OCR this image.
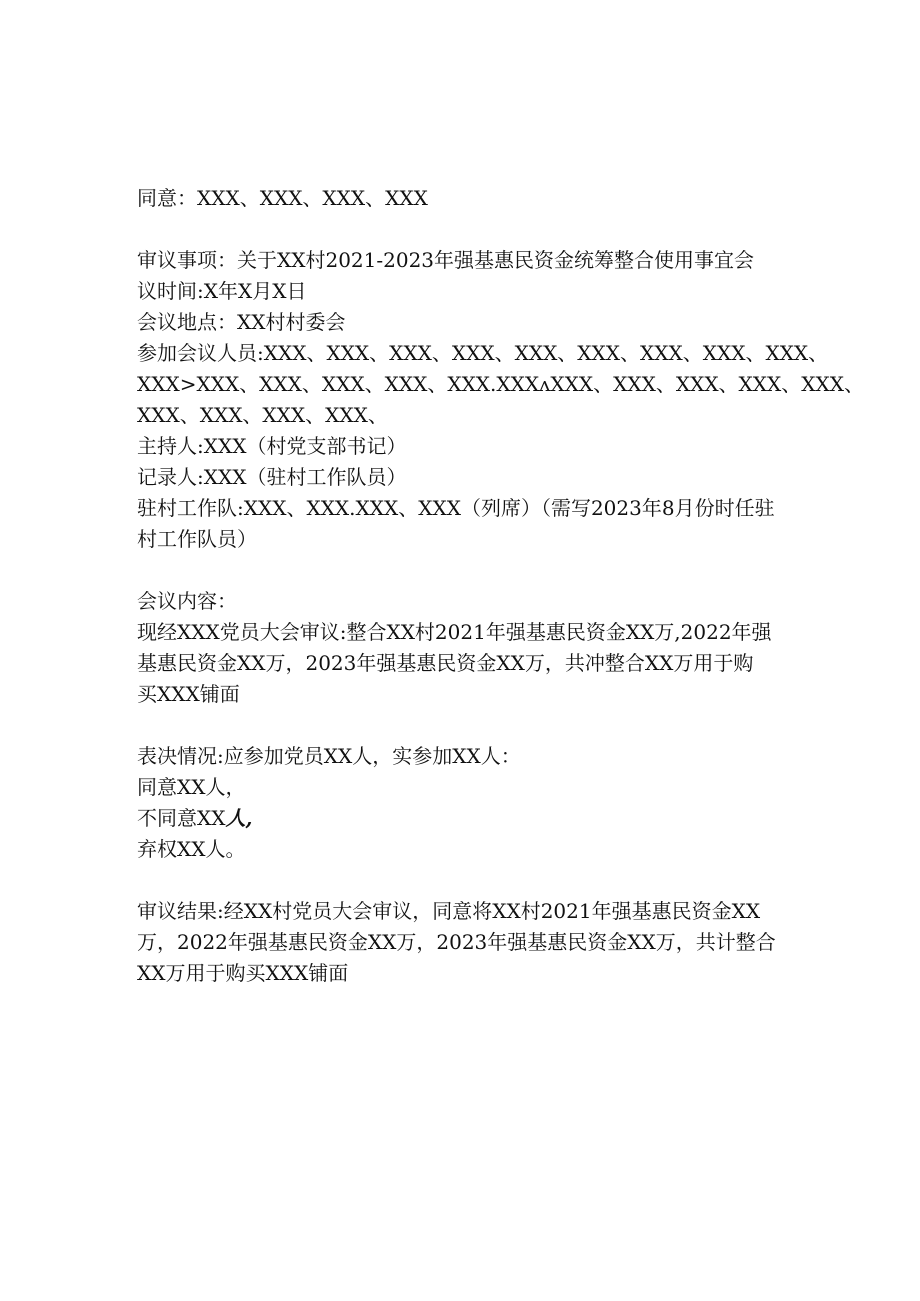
同意：XXX、XXX、XXX、XXX
审议事项：关于XX村2021-2023年强基惠民资金统筹整合使用事宜会
议时间:X年X月X日
会议地点：XX村村委会
参加会议人员:XXX、XXX、XXX、XXX、XXX、XXX、XXX、XXX、XXX、
XXX>XXX、XXX、XXX、XXX、XXX.XXXʌXXX、XXX、XXX、XXX、XXX、
XXX、XXX、XXX、XXX、
主持人:XXX（村党支部书记）
记录人:XXX（驻村工作队员）
驻村工作队:XXX、XXX.XXX、XXX（列席）（需写2023年8月份时任驻
村工作队员）
会议内容：
现经XXX党员大会审议:整合XX村2021年强基惠民资金XX万,2022年强
基惠民资金XX万，2023年强基惠民资金XX万，共冲整合XX万用于购
买XXX铺面
表决情况:应参加党员XX人，实参加XX人：
同意XX人，
不同意XX人,
弃权XX人。
审议结果:经XX村党员大会审议，同意将XX村2021年强基惠民资金XX
万，2022年强基惠民资金XX万，2023年强基惠民资金XX万，共计整合
XX万用于购买XXX铺面
